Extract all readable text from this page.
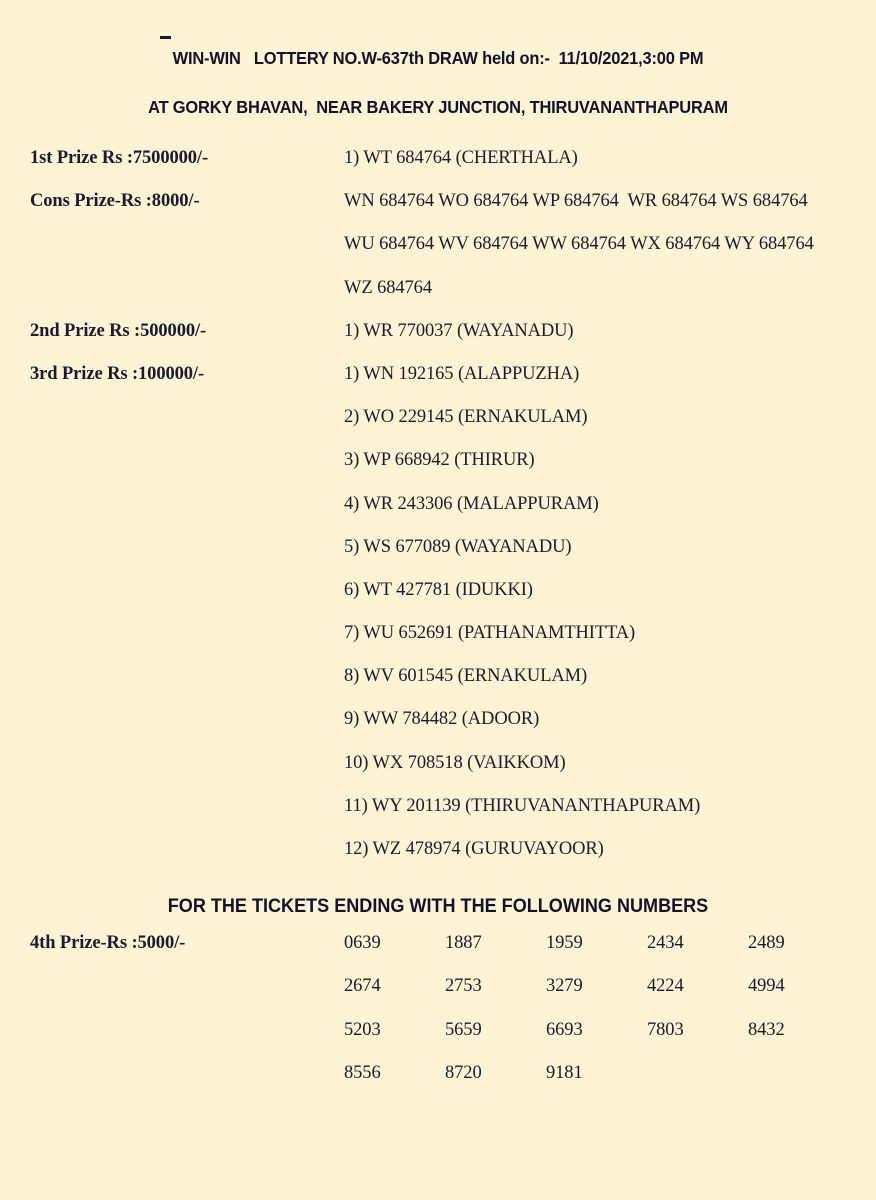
WIN-WIN   LOTTERY NO.W-637th DRAW held on:-  11/10/2021,3:00 PM
AT GORKY BHAVAN,  NEAR BAKERY JUNCTION, THIRUVANANTHAPURAM
1st Prize Rs :7500000/-	1) WT 684764 (CHERTHALA)
Cons Prize-Rs :8000/-	WN 684764 WO 684764 WP 684764  WR 684764 WS 684764
WU 684764 WV 684764 WW 684764 WX 684764 WY 684764
WZ 684764
2nd Prize Rs :500000/-	1) WR 770037 (WAYANADU)
3rd Prize Rs :100000/-	1) WN 192165 (ALAPPUZHA)
2) WO 229145 (ERNAKULAM)
3) WP 668942 (THIRUR)
4) WR 243306 (MALAPPURAM)
5) WS 677089 (WAYANADU)
6) WT 427781 (IDUKKI)
7) WU 652691 (PATHANAMTHITTA)
8) WV 601545 (ERNAKULAM)
9) WW 784482 (ADOOR)
10) WX 708518 (VAIKKOM)
11) WY 201139 (THIRUVANANTHAPURAM)
12) WZ 478974 (GURUVAYOOR)
FOR THE TICKETS ENDING WITH THE FOLLOWING NUMBERS
4th Prize-Rs :5000/-	0639	1887	1959	2434	2489
2674	2753	3279	4224	4994
5203	5659	6693	7803	8432
8556	8720	9181
